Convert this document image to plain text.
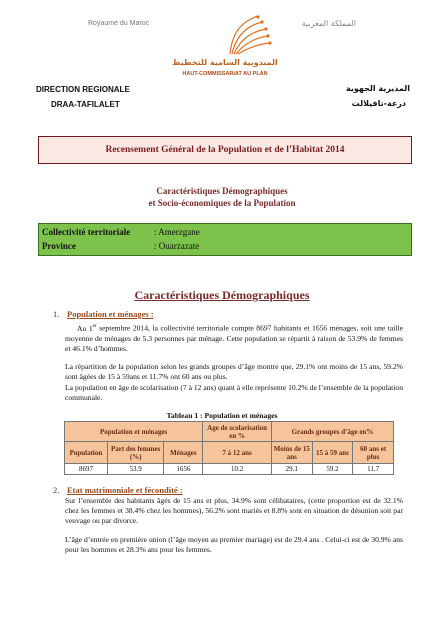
Royaume du Maroc	المملكة المغربية
المندوبية السامية للتخطيط
HAUT-COMMISSARIAT AU PLAN
DIRECTION REGIONALE
DRAA-TAFILALET
المديرية الجهوية
درعة-تافيلالت
Recensement Général de la Population et de l’Habitat 2014
Caractéristiques Démographiques
et Socio-économiques de la Population
Collectivité territoriale	: Amerzgane
Province	: Ouarzazate
Caractéristiques Démographiques
1. Population et ménages :
Au 1er septembre 2014, la collectivité territoriale compte 8697 habitants et 1656 ménages, soit une taille moyenne de ménages de 5.3 personnes par ménage. Cette population se répartit à raison de 53.9% de femmes et 46.1% d’hommes.
La répartition de la population selon les grands groupes d’âge montre que, 29.1% ont moins de 15 ans, 59.2% sont âgées de 15 à 59ans et 11.7% ont 60 ans ou plus.
La population en âge de scolarisation (7 à 12 ans) quant à elle représente 10.2% de l’ensemble de la population communale.
Tableau 1 : Population et ménages
Population et ménages			Age de scolarisation en %	Grands groupes d’âge en%		
Population	Part des femmes (%)	Ménages	7 à 12 ans	Moins de 15 ans	15 à 59 ans	60 ans et plus
8697	53.9	1656	10.2	29.1	59.2	11.7
2. Etat matrimoniale et fécondité :
Sur l’ensemble des habitants âgés de 15 ans et plus, 34.9% sont célibataires, (cette proportion est de 32.1% chez les femmes et 38.4% chez les hommes), 56.2% sont mariés et 8.8% sont en situation de désunion soit par veuvage ou par divorce.
L’âge d’entrée en première union (l’âge moyen au premier mariage) est de 29.4 ans . Celui-ci est de 30.9% ans pour les hommes et 28.3% ans pour les femmes.
